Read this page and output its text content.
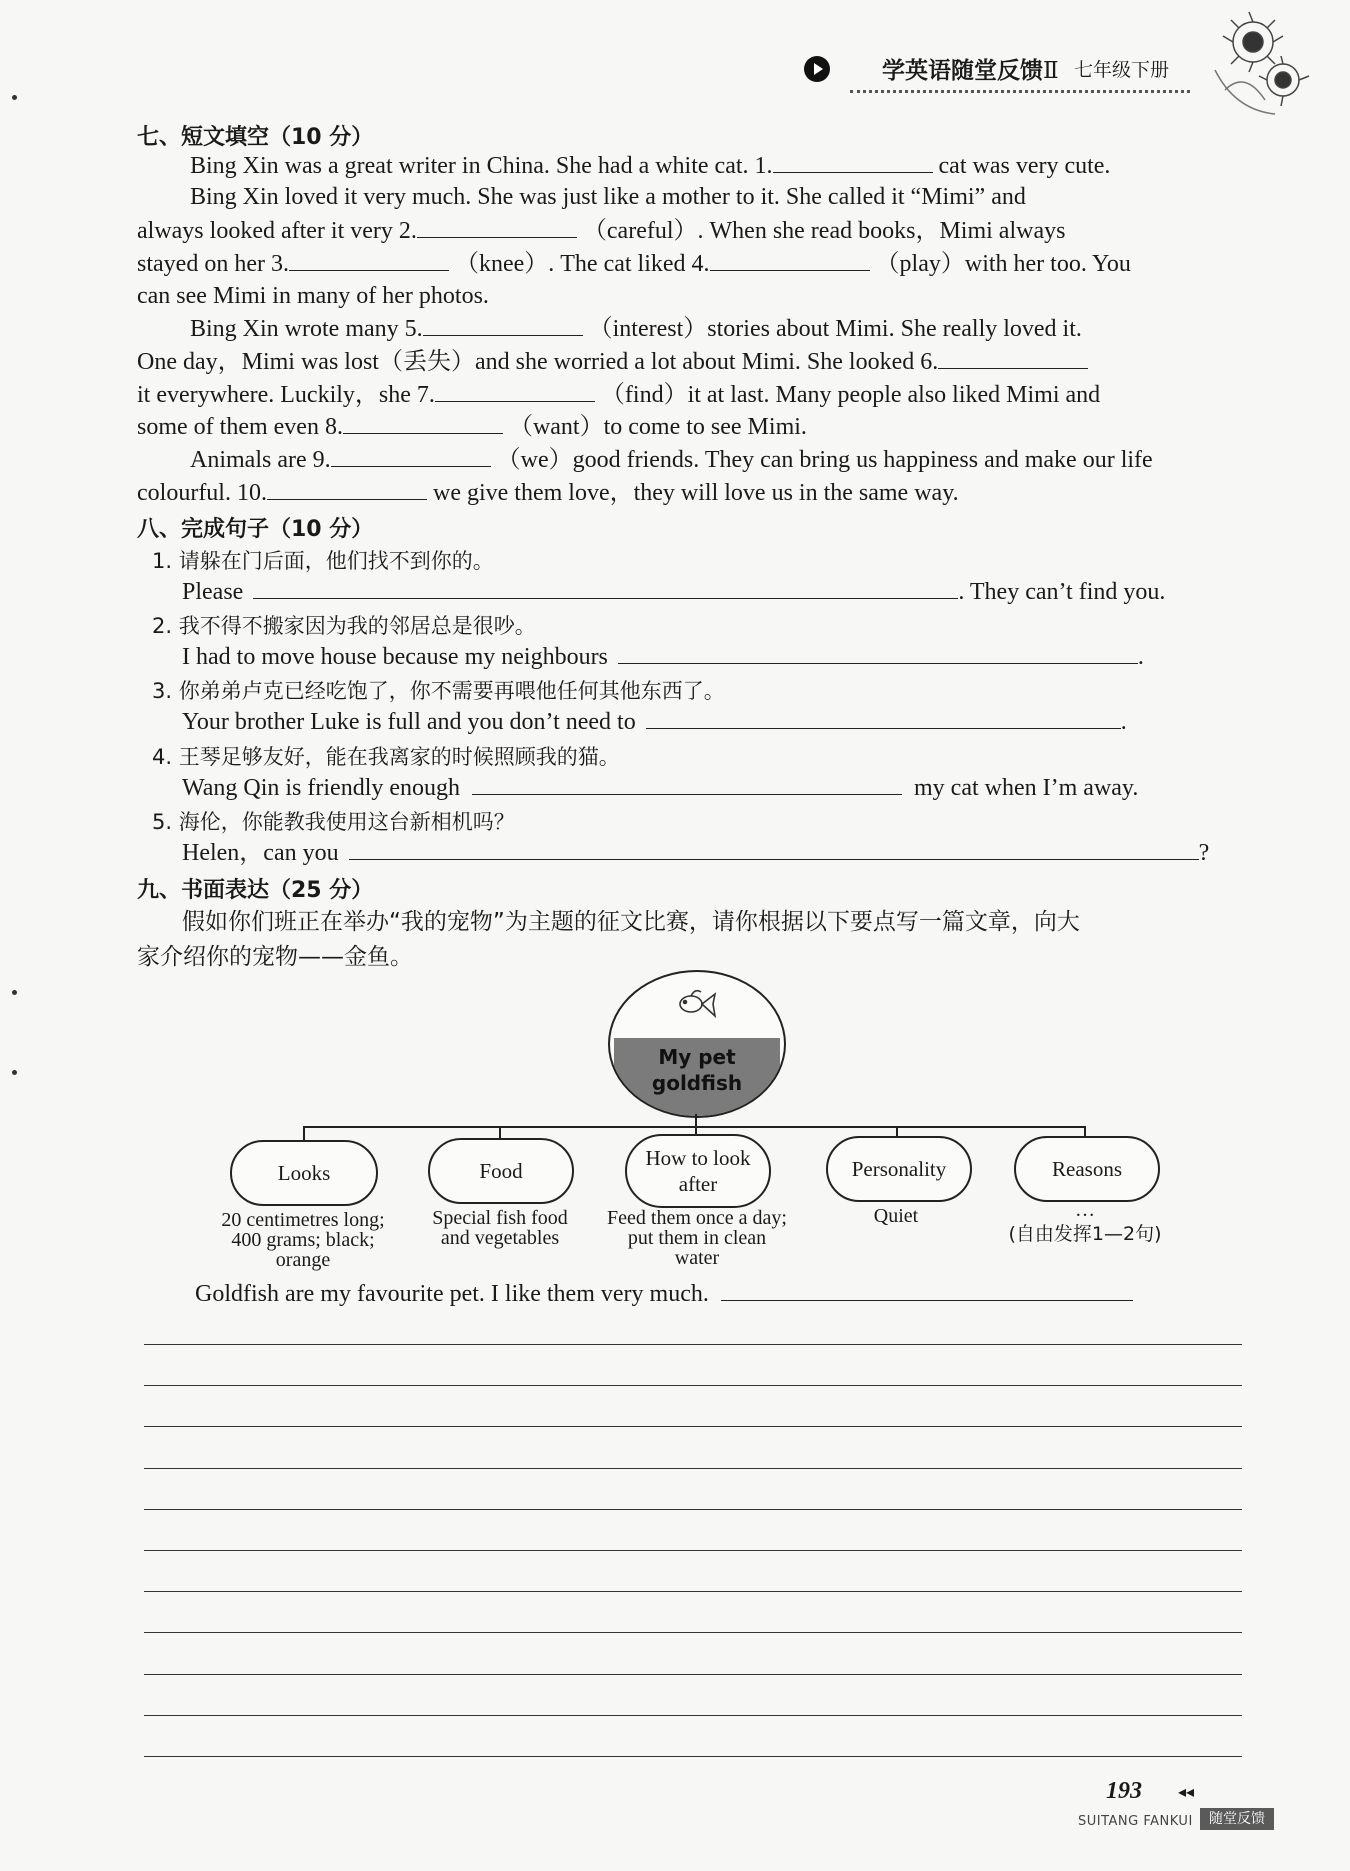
学英语随堂反馈Ⅱ 七年级下册
七、短文填空（10 分）
Bing Xin was a great writer in China. She had a white cat. 1.	cat was very cute.
Bing Xin loved it very much. She was just like a mother to it. She called it “Mimi” and
always looked after it very 2.	（careful）. When she read books，Mimi always
stayed on her 3.	（knee）. The cat liked 4.	（play）with her too. You
can see Mimi in many of her photos.
Bing Xin wrote many 5.	（interest）stories about Mimi. She really loved it.
One day，Mimi was lost（丢失）and she worried a lot about Mimi. She looked 6.
it everywhere. Luckily，she 7.	（find）it at last. Many people also liked Mimi and
some of them even 8.	（want）to come to see Mimi.
Animals are 9.	（we）good friends. They can bring us happiness and make our life
colourful. 10.	we give them love，they will love us in the same way.
八、完成句子（10 分）
1. 请躲在门后面，他们找不到你的。
Please	. They can’t find you.
2. 我不得不搬家因为我的邻居总是很吵。
I had to move house because my neighbours	.
3. 你弟弟卢克已经吃饱了，你不需要再喂他任何其他东西了。
Your brother Luke is full and you don’t need to	.
4. 王琴足够友好，能在我离家的时候照顾我的猫。
Wang Qin is friendly enough	my cat when I’m away.
5. 海伦，你能教我使用这台新相机吗？
Helen，can you	?
九、书面表达（25 分）
假如你们班正在举办“我的宠物”为主题的征文比赛，请你根据以下要点写一篇文章，向大
家介绍你的宠物——金鱼。
My pet
goldfish
Looks	Food
How to look
after
Personality	Reasons
20 centimetres long;
400 grams; black;
orange
Special fish food
and vegetables
Feed them once a day;
put them in clean
water
Quiet	…
(自由发挥1—2句)
Goldfish are my favourite pet. I like them very much.
193 ◂◂
SUITANG FANKUI	随堂反馈
